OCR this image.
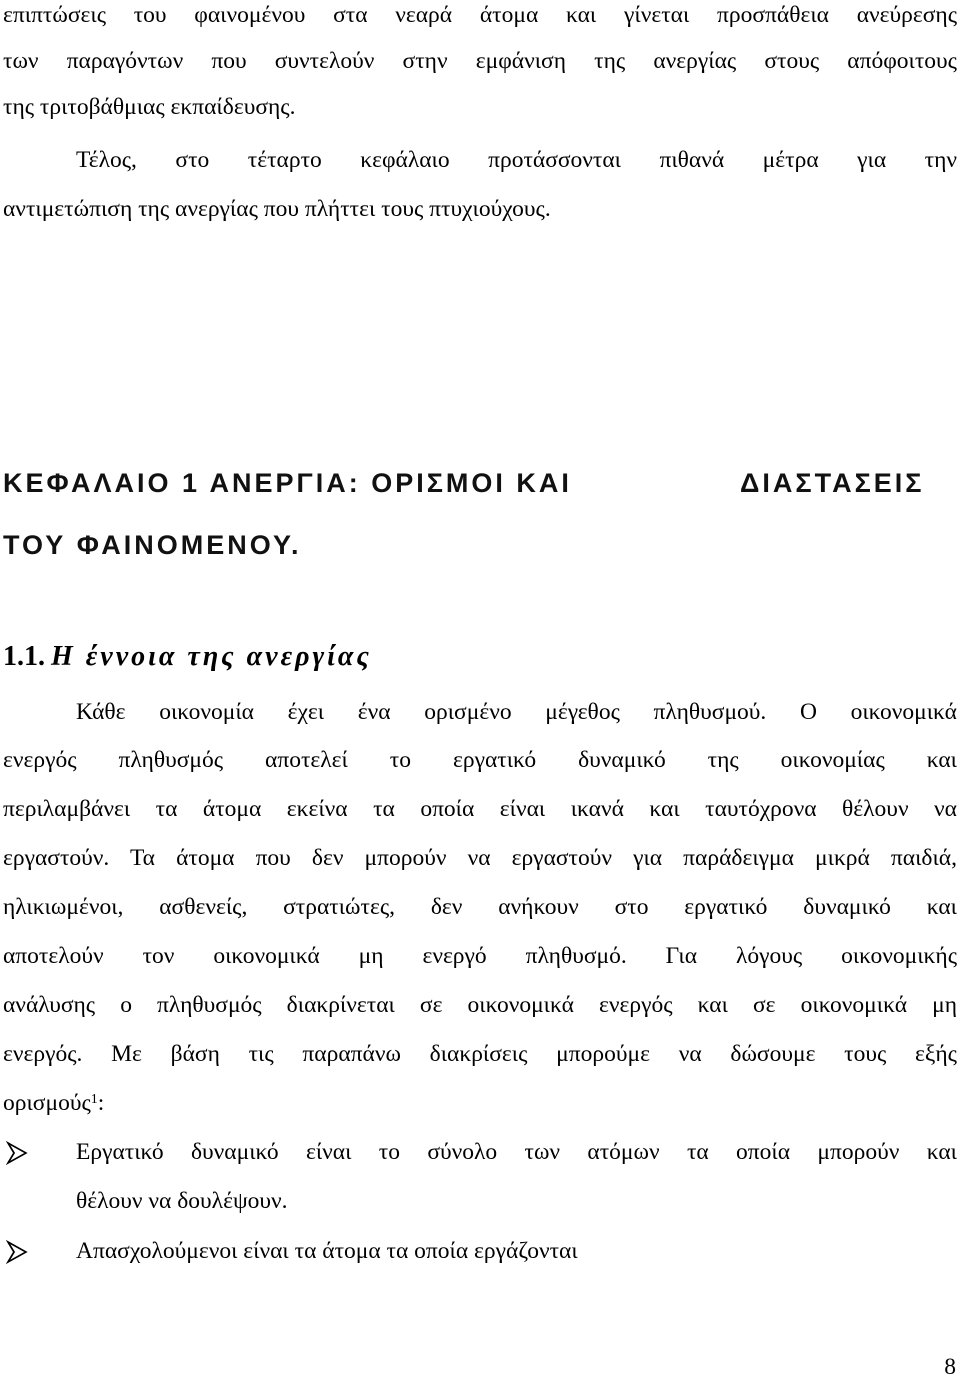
επιπτώσεις του φαινομένου στα νεαρά άτομα και γίνεται προσπάθεια ανεύρεσης
των παραγόντων που συντελούν στην εμφάνιση της ανεργίας στους απόφοιτους
της τριτοβάθμιας εκπαίδευσης.
Τέλος, στο τέταρτο κεφάλαιο προτάσσονται πιθανά μέτρα για την
αντιμετώπιση της ανεργίας που πλήττει τους πτυχιούχους.
ΚΕΦΑΛΑΙΟ 1 ΑΝΕΡΓΙΑ: ΟΡΙΣΜΟΙ ΚΑΙ	ΔΙΑΣΤΑΣΕΙΣ
ΤΟΥ ΦΑΙΝΟΜΕΝΟΥ.
1.1. Η έννοια της ανεργίας
Κάθε οικονομία έχει ένα ορισμένο μέγεθος πληθυσμού. Ο οικονομικά
ενεργός πληθυσμός αποτελεί το εργατικό δυναμικό της οικονομίας και
περιλαμβάνει τα άτομα εκείνα τα οποία είναι ικανά και ταυτόχρονα θέλουν να
εργαστούν. Τα άτομα που δεν μπορούν να εργαστούν για παράδειγμα μικρά παιδιά,
ηλικιωμένοι, ασθενείς, στρατιώτες, δεν ανήκουν στο εργατικό δυναμικό και
αποτελούν τον οικονομικά μη ενεργό πληθυσμό. Για λόγους οικονομικής
ανάλυσης ο πληθυσμός διακρίνεται σε οικονομικά ενεργός και σε οικονομικά μη
ενεργός. Με βάση τις παραπάνω διακρίσεις μπορούμε να δώσουμε τους εξής
ορισμούς$^1$:
Εργατικό δυναμικό είναι το σύνολο των ατόμων τα οποία μπορούν και
θέλουν να δουλέψουν.
Απασχολούμενοι είναι τα άτομα τα οποία εργάζονται
8
